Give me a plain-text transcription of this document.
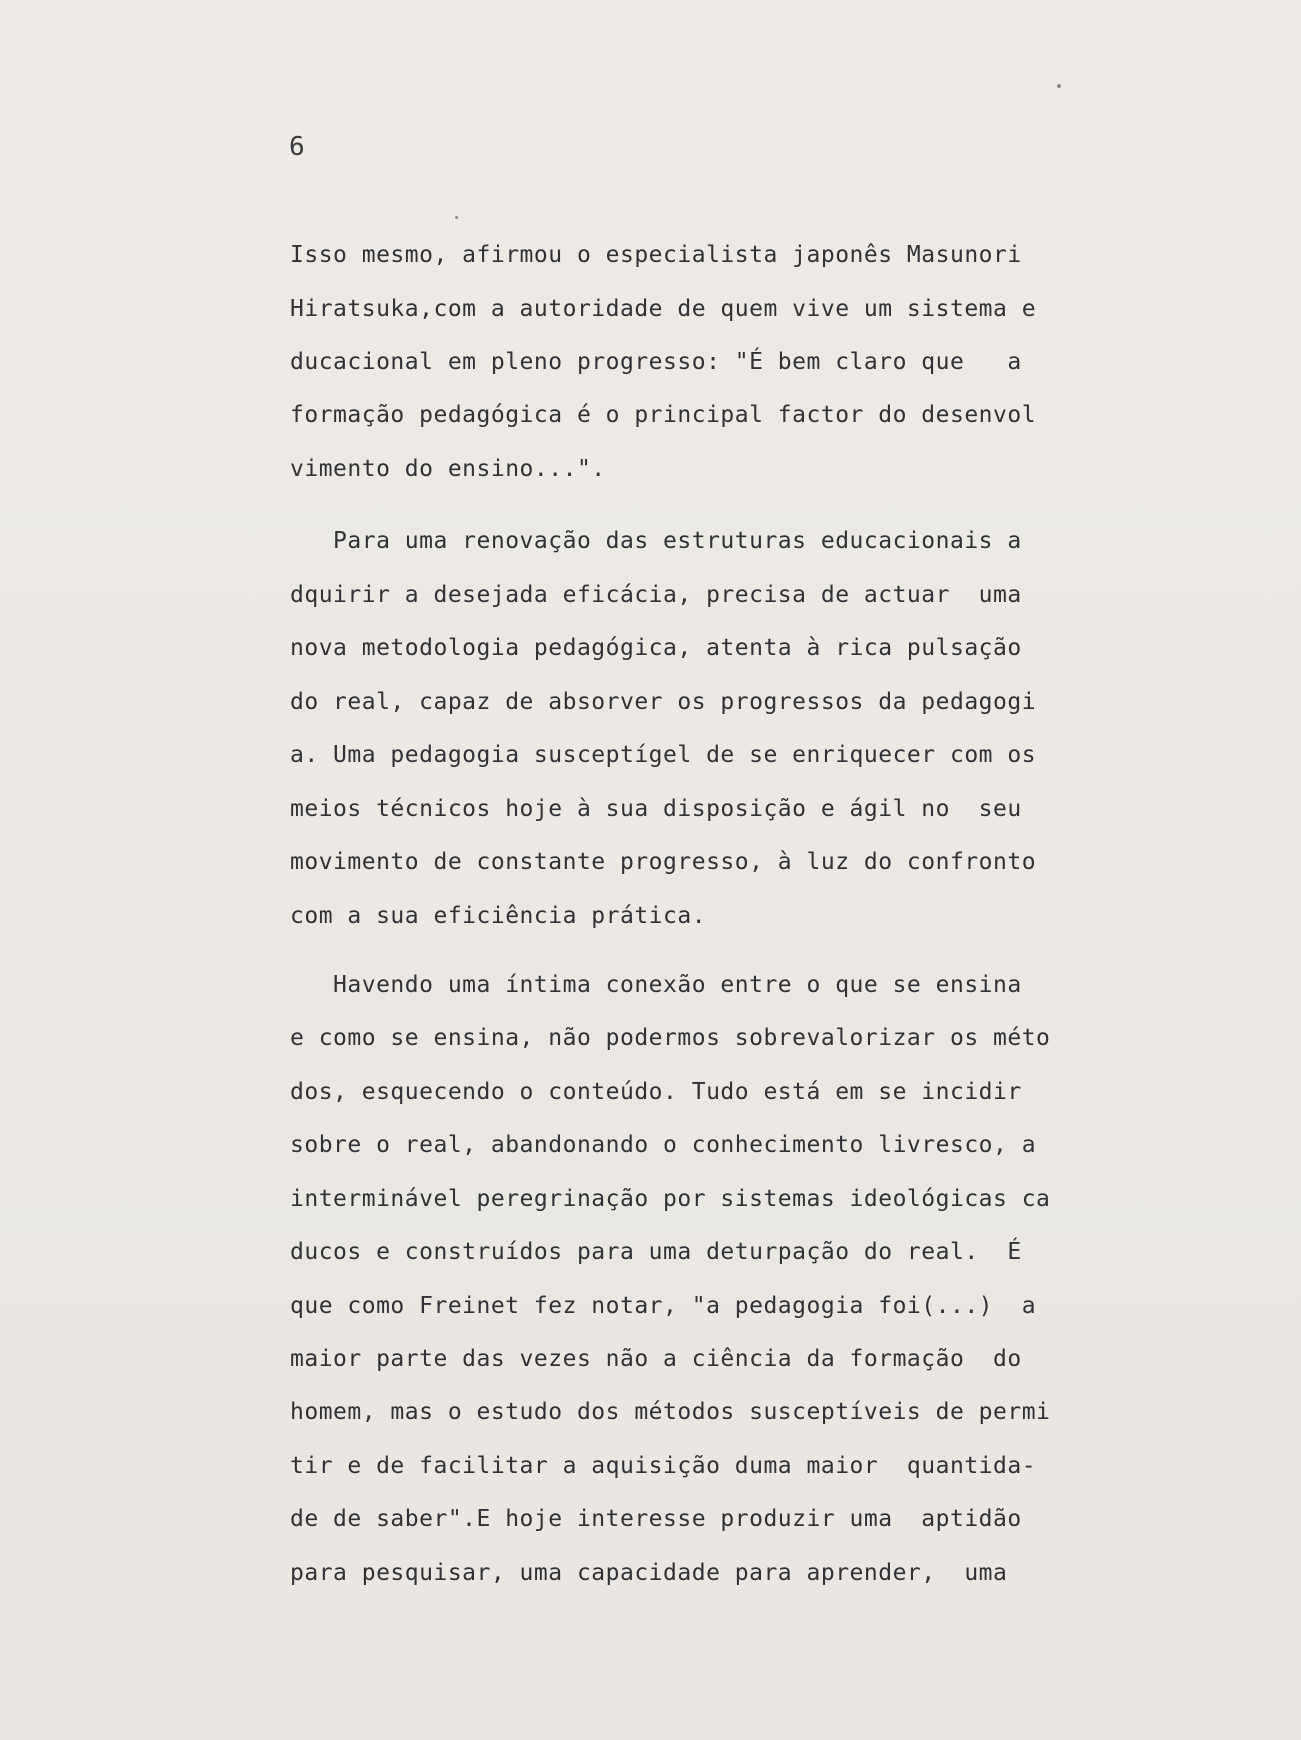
6
Isso mesmo, afirmou o especialista japonês Masunori
Hiratsuka,com a autoridade de quem vive um sistema e
ducacional em pleno progresso: "É bem claro que   a
formação pedagógica é o principal factor do desenvol
vimento do ensino...".
Para uma renovação das estruturas educacionais a
dquirir a desejada eficácia, precisa de actuar  uma
nova metodologia pedagógica, atenta à rica pulsação
do real, capaz de absorver os progressos da pedagogi
a. Uma pedagogia susceptígel de se enriquecer com os
meios técnicos hoje à sua disposição e ágil no  seu
movimento de constante progresso, à luz do confronto
com a sua eficiência prática.
Havendo uma íntima conexão entre o que se ensina
e como se ensina, não podermos sobrevalorizar os méto
dos, esquecendo o conteúdo. Tudo está em se incidir
sobre o real, abandonando o conhecimento livresco, a
interminável peregrinação por sistemas ideológicas ca
ducos e construídos para uma deturpação do real.  É
que como Freinet fez notar, "a pedagogia foi(...)  a
maior parte das vezes não a ciência da formação  do
homem, mas o estudo dos métodos susceptíveis de permi
tir e de facilitar a aquisição duma maior  quantida-
de de saber".E hoje interesse produzir uma  aptidão
para pesquisar, uma capacidade para aprender,  uma
